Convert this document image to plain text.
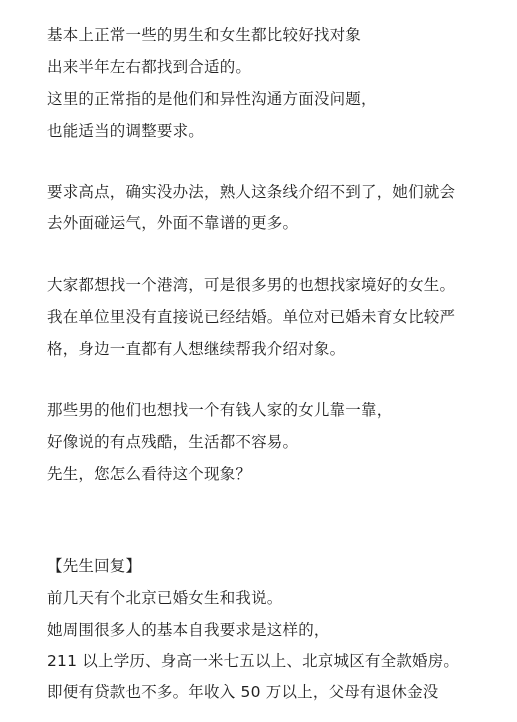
基本上正常一些的男生和女生都比较好找对象
出来半年左右都找到合适的。
这里的正常指的是他们和异性沟通方面没问题，
也能适当的调整要求。
要求高点，确实没办法，熟人这条线介绍不到了，她们就会
去外面碰运气，外面不靠谱的更多。
大家都想找一个港湾，可是很多男的也想找家境好的女生。
我在单位里没有直接说已经结婚。单位对已婚未育女比较严
格，身边一直都有人想继续帮我介绍对象。
那些男的他们也想找一个有钱人家的女儿靠一靠，
好像说的有点残酷，生活都不容易。
先生，您怎么看待这个现象？
【先生回复】
前几天有个北京已婚女生和我说。
她周围很多人的基本自我要求是这样的，
211 以上学历、身高一米七五以上、北京城区有全款婚房。
即便有贷款也不多。年收入 50 万以上，父母有退休金没
